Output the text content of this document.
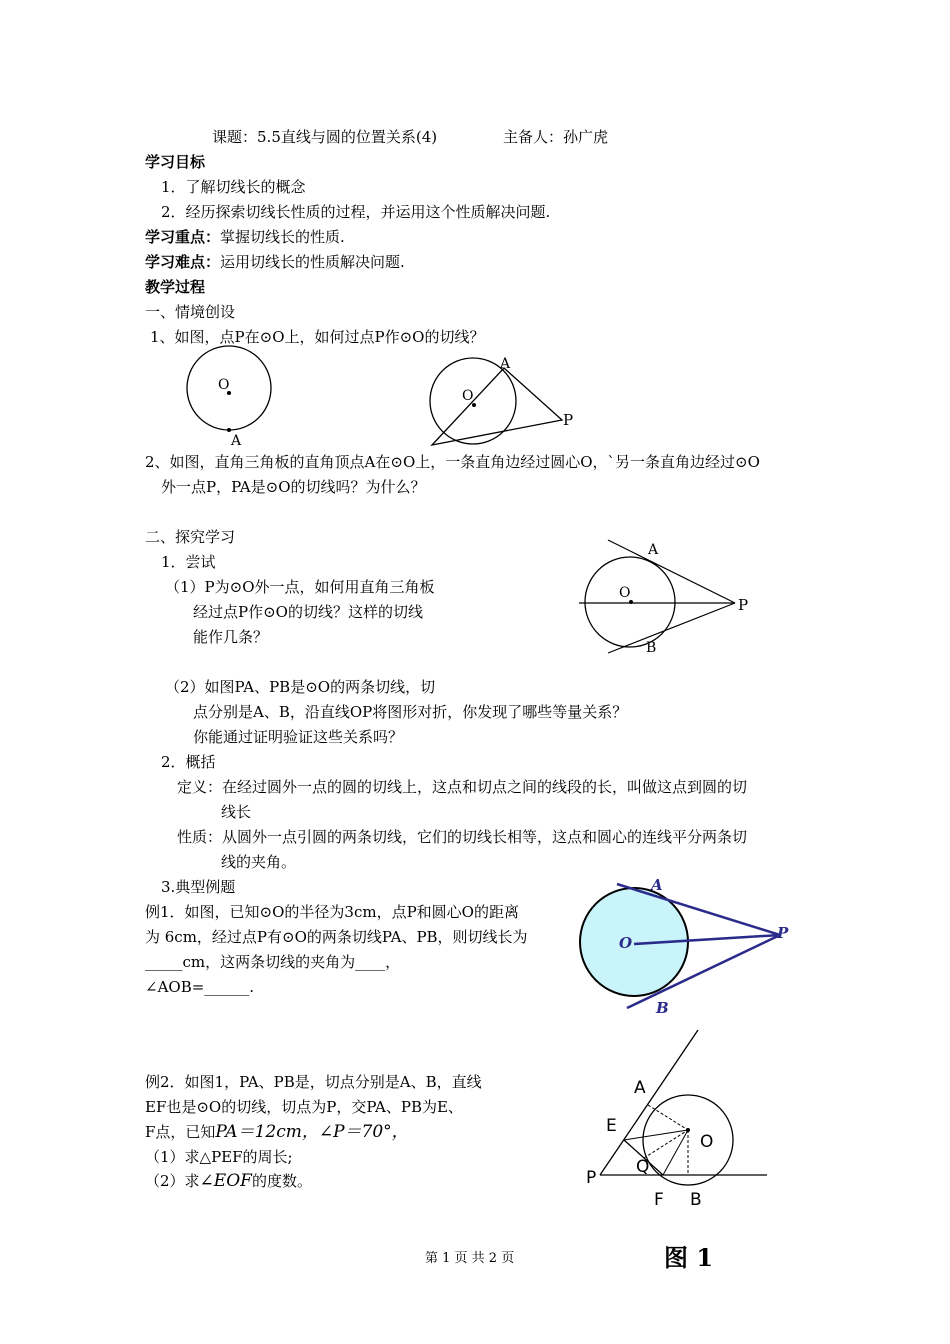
课题：5.5直线与圆的位置关系(4)	主备人：孙广虎
学习目标
1．了解切线长的概念
2．经历探索切线长性质的过程，并运用这个性质解决问题.
学习重点：掌握切线长的性质.
学习难点：运用切线长的性质解决问题.
教学过程
一、情境创设
1、如图，点P在⊙O上，如何过点P作⊙O的切线？
O
A
O
A
P
2、如图，直角三角板的直角顶点A在⊙O上，一条直角边经过圆心O，`另一条直角边经过⊙O
外一点P，PA是⊙O的切线吗？为什么？
二、探究学习
1．尝试
（1）P为⊙O外一点，如何用直角三角板
经过点P作⊙O的切线？这样的切线
能作几条？
O
A
B
P
（2）如图PA、PB是⊙O的两条切线，切
点分别是A、B，沿直线OP将图形对折，你发现了哪些等量关系？
你能通过证明验证这些关系吗？
2．概括
定义：在经过圆外一点的圆的切线上，这点和切点之间的线段的长，叫做这点到圆的切
线长
性质：从圆外一点引圆的两条切线，它们的切线长相等，这点和圆心的连线平分两条切
线的夹角。
3.典型例题
例1．如图，已知⊙O的半径为3cm，点P和圆心O的距离
为 6cm，经过点P有⊙O的两条切线PA、PB，则切线长为
_____cm，这两条切线的夹角为____，
∠AOB=______.
A
O
P
B
例2．如图1，PA、PB是，切点分别是A、B，直线
EF也是⊙O的切线，切点为P，交PA、PB为E、
F点，已知PA＝12cm，∠P＝70°，
（1）求△PEF的周长;
（2）求∠EOF的度数。
A
E
O
Q
P
F B
图 1
第 1 页 共 2 页
